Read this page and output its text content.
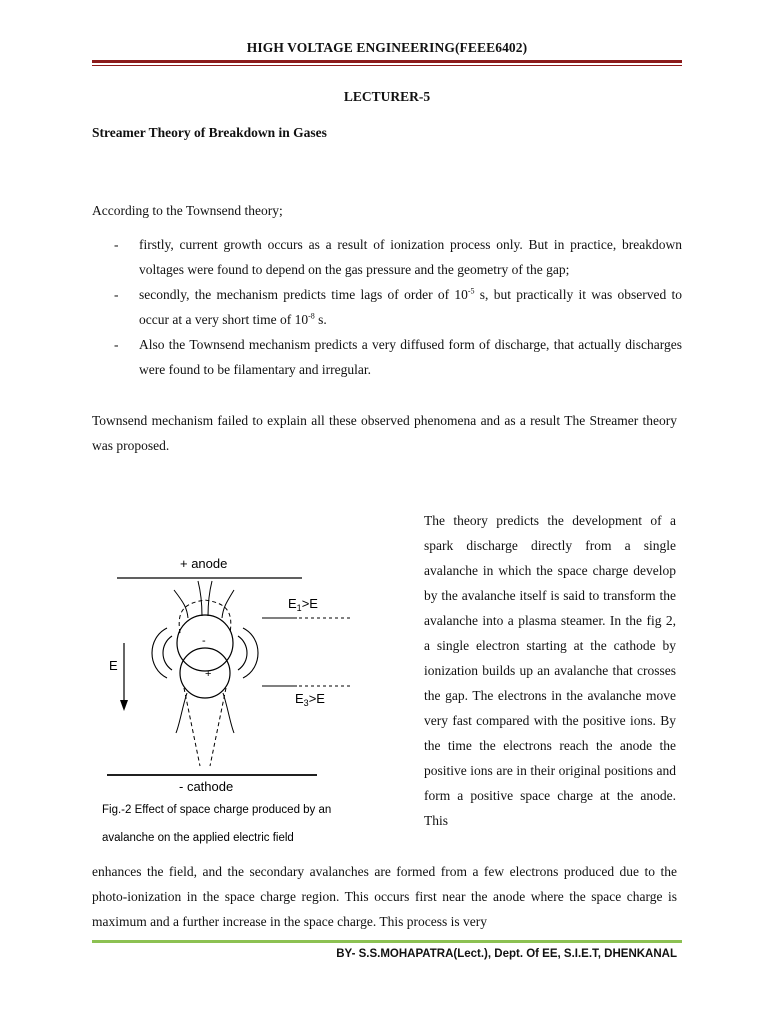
HIGH VOLTAGE ENGINEERING(FEEE6402)
LECTURER-5
Streamer Theory of Breakdown in Gases
According to the Townsend theory;
- firstly, current growth occurs as a result of ionization process only. But in practice, breakdown voltages were found to depend on the gas pressure and the geometry of the gap;
- secondly, the mechanism predicts time lags of order of $10^{-5}$ s, but practically it was observed to occur at a very short time of $10^{-8}$ s.
- Also the Townsend mechanism predicts a very diffused form of discharge, that actually discharges were found to be filamentary and irregular.
Townsend mechanism failed to explain all these observed phenomena and as a result The Streamer theory was proposed.
+ anode
- cathode
E
$E_1>E$
$E_3>E$
-
+
Fig.-2 Effect of space charge produced by an
avalanche on the applied electric field
The theory predicts the development of a spark discharge directly from a single avalanche in which the space charge develop by the avalanche itself is said to transform the avalanche into a plasma steamer. In the fig 2, a single electron starting at the cathode by ionization builds up an avalanche that crosses the gap. The electrons in the avalanche move very fast compared with the positive ions. By the time the electrons reach the anode the positive ions are in their original positions and form a positive space charge at the anode. This
enhances the field, and the secondary avalanches are formed from a few electrons produced due to the photo-ionization in the space charge region. This occurs first near the anode where the space charge is maximum and a further increase in the space charge. This process is very
BY- S.S.MOHAPATRA(Lect.), Dept. Of EE, S.I.E.T, DHENKANAL
